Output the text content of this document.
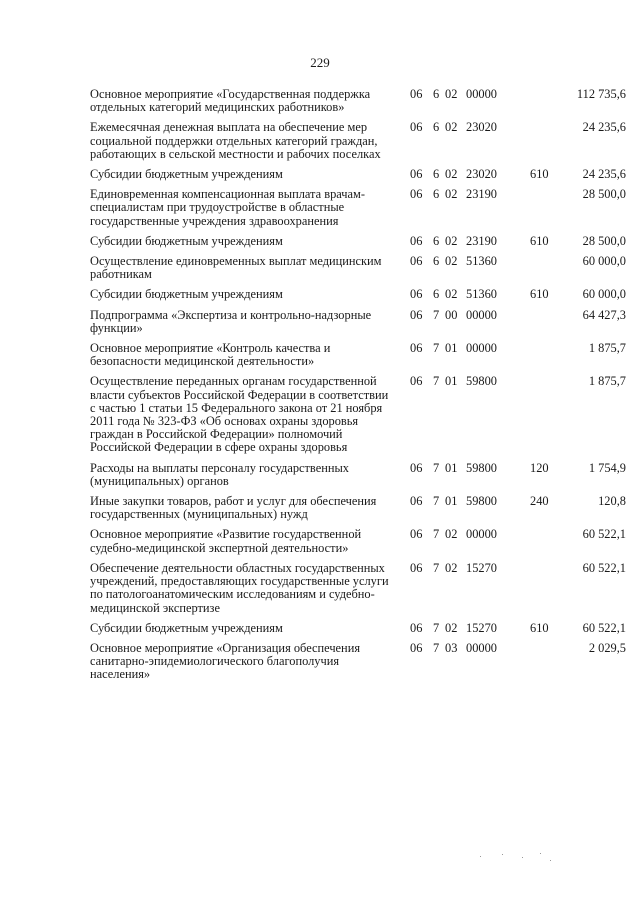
229
Основное мероприятие «Государственная поддержка отдельных категорий медицинских работников»	06 6 02 00000		112 735,6
Ежемесячная денежная выплата на обеспечение мер социальной поддержки отдельных категорий граждан, работающих в сельской местности и рабочих поселках	06 6 02 23020		24 235,6
Субсидии бюджетным учреждениям	06 6 02 23020	610	24 235,6
Единовременная компенсационная выплата врачам-специалистам при трудоустройстве в областные государственные учреждения здравоохранения	06 6 02 23190		28 500,0
Субсидии бюджетным учреждениям	06 6 02 23190	610	28 500,0
Осуществление единовременных выплат медицинским работникам	06 6 02 51360		60 000,0
Субсидии бюджетным учреждениям	06 6 02 51360	610	60 000,0
Подпрограмма «Экспертиза и контрольно-надзорные функции»	06 7 00 00000		64 427,3
Основное мероприятие «Контроль качества и безопасности медицинской деятельности»	06 7 01 00000		1 875,7
Осуществление переданных органам государственной власти субъектов Российской Федерации в соответствии с частью 1 статьи 15 Федерального закона от 21 ноября 2011 года № 323-ФЗ «Об основах охраны здоровья граждан в Российской Федерации» полномочий Российской Федерации в сфере охраны здоровья	06 7 01 59800		1 875,7
Расходы на выплаты персоналу государственных (муниципальных) органов	06 7 01 59800	120	1 754,9
Иные закупки товаров, работ и услуг для обеспечения государственных (муниципальных) нужд	06 7 01 59800	240	120,8
Основное мероприятие «Развитие государственной судебно-медицинской экспертной деятельности»	06 7 02 00000		60 522,1
Обеспечение деятельности областных государственных учреждений, предоставляющих государственные услуги по патологоанатомическим исследованиям и судебно-медицинской экспертизе	06 7 02 15270		60 522,1
Субсидии бюджетным учреждениям	06 7 02 15270	610	60 522,1
Основное мероприятие «Организация обеспечения санитарно-эпидемиологического благополучия населения»	06 7 03 00000		2 029,5
